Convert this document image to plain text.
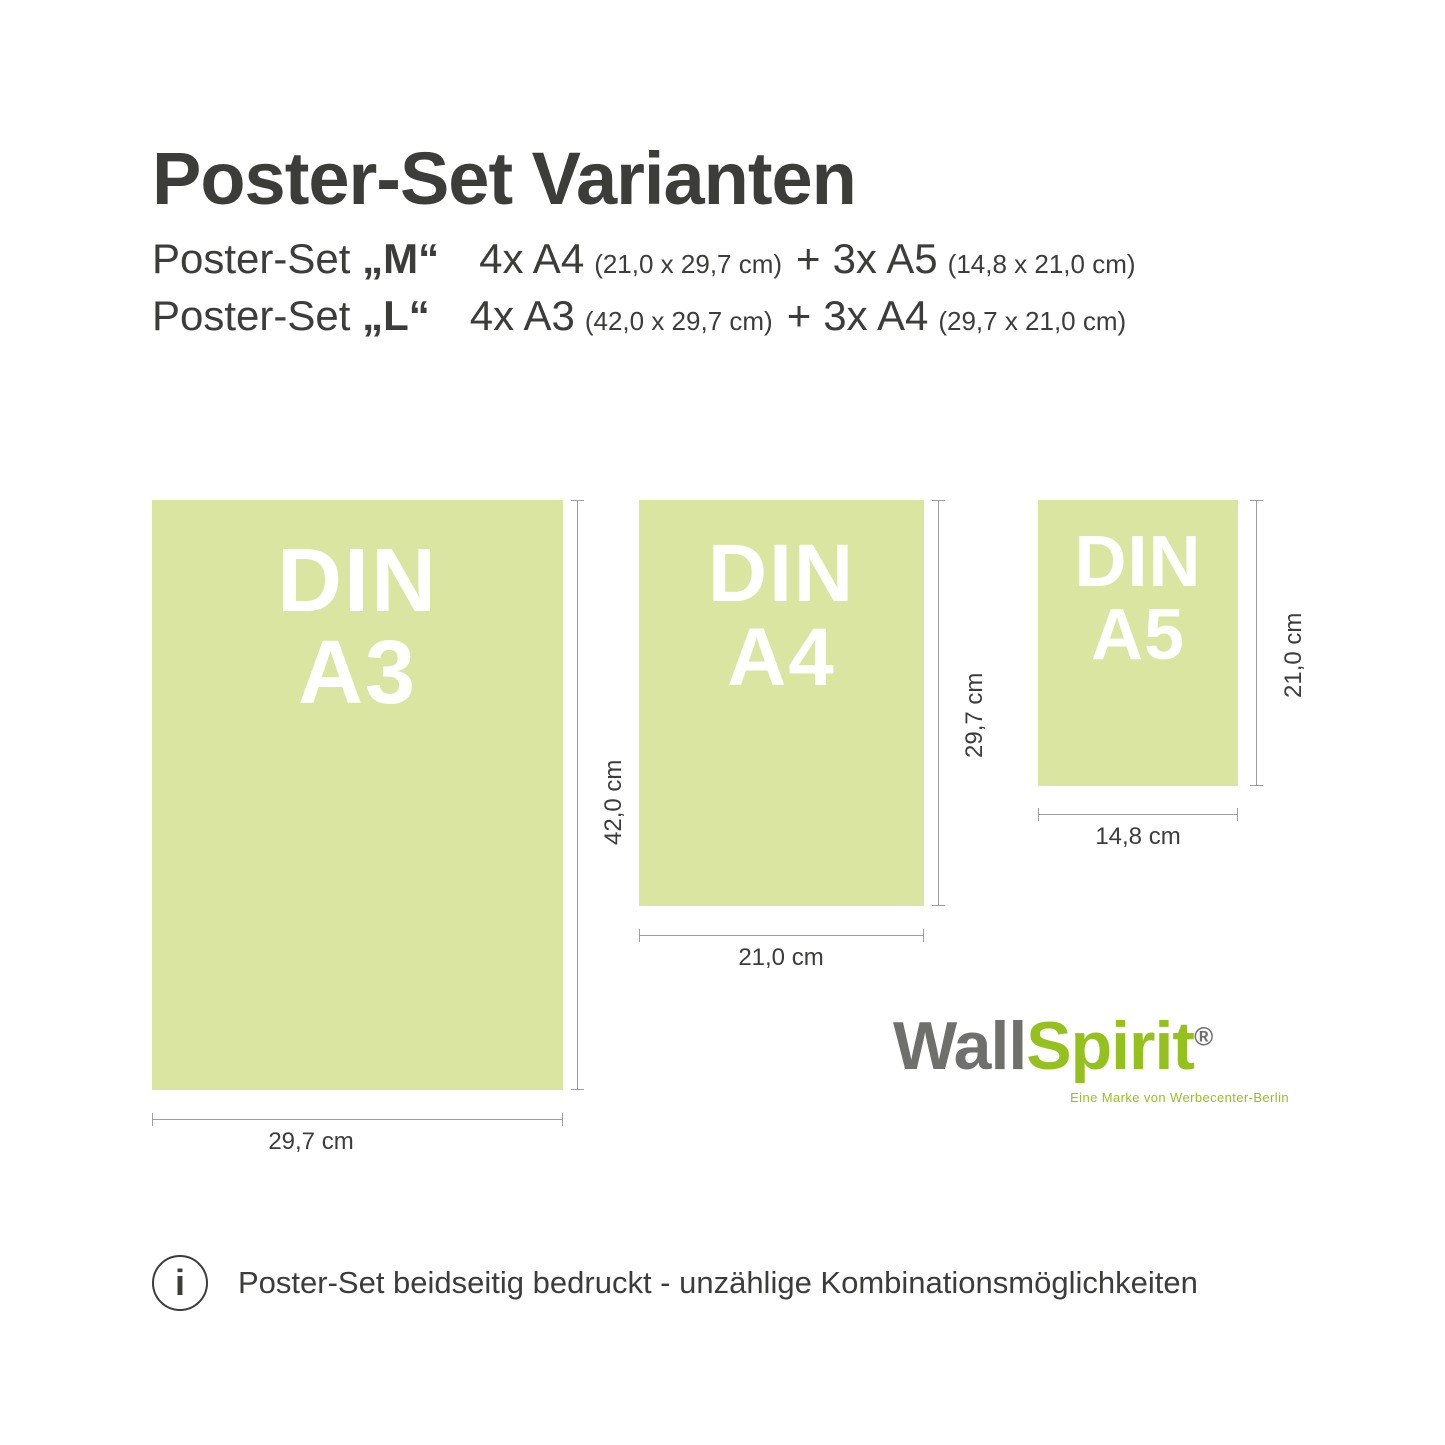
Poster-Set Varianten
Poster-Set „M“ 4x A4 (21,0 x 29,7 cm) + 3x A5 (14,8 x 21,0 cm)
Poster-Set „L“ 4x A3 (42,0 x 29,7 cm) + 3x A4 (29,7 x 21,0 cm)
DIN
A3
42,0 cm
29,7 cm
DIN
A4
29,7 cm
21,0 cm
DIN
A5	21,0 cm
14,8 cm
WallSpirit®
Eine Marke von Werbecenter-Berlin
i	Poster-Set beidseitig bedruckt - unzählige Kombinationsmöglichkeiten
